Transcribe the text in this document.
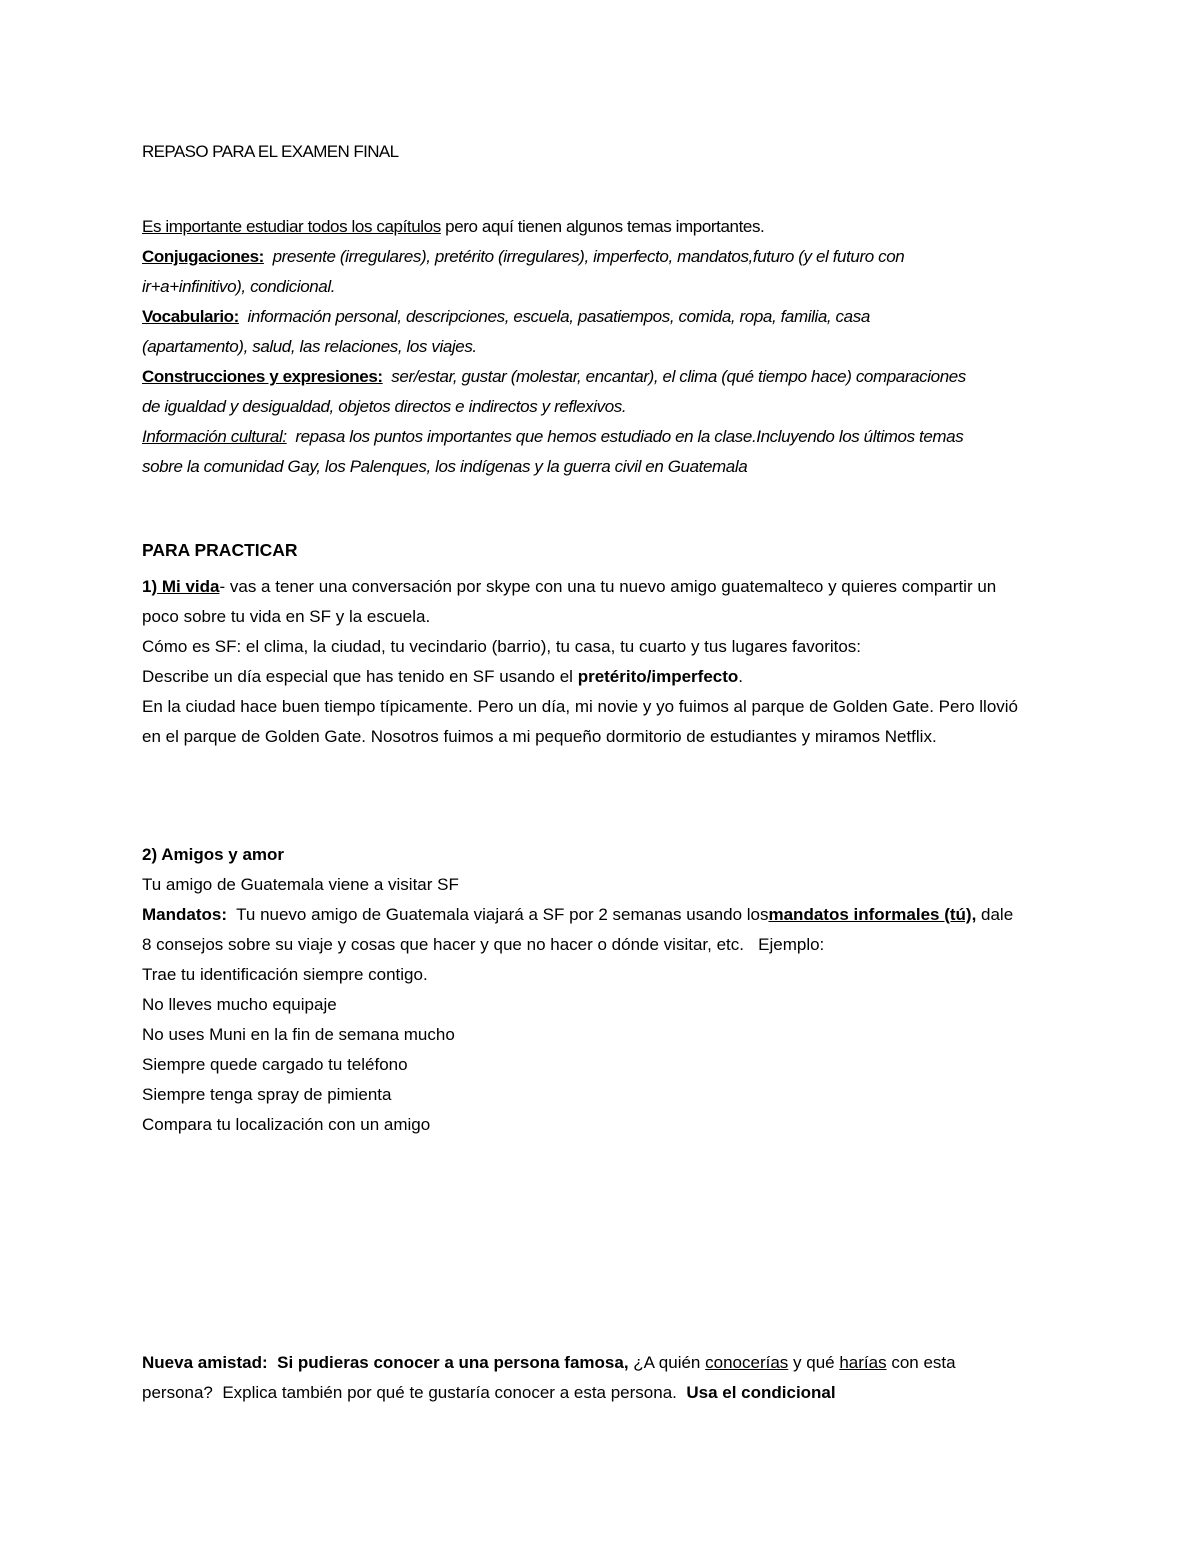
REPASO PARA EL EXAMEN FINAL
Es importante estudiar todos los capítulos pero aquí tienen algunos temas importantes.
Conjugaciones:  presente (irregulares), pretérito (irregulares), imperfecto, mandatos,futuro (y el futuro con
ir+a+infinitivo), condicional.
Vocabulario:  información personal, descripciones, escuela, pasatiempos, comida, ropa, familia, casa
(apartamento), salud, las relaciones, los viajes.
Construcciones y expresiones:  ser/estar, gustar (molestar, encantar), el clima (qué tiempo hace) comparaciones
de igualdad y desigualdad, objetos directos e indirectos y reflexivos.
Información cultural:  repasa los puntos importantes que hemos estudiado en la clase.Incluyendo los últimos temas
sobre la comunidad Gay, los Palenques, los indígenas y la guerra civil en Guatemala
PARA PRACTICAR
1) Mi vida- vas a tener una conversación por skype con una tu nuevo amigo guatemalteco y quieres compartir un
poco sobre tu vida en SF y la escuela.
Cómo es SF: el clima, la ciudad, tu vecindario (barrio), tu casa, tu cuarto y tus lugares favoritos:
Describe un día especial que has tenido en SF usando el pretérito/imperfecto.
En la ciudad hace buen tiempo típicamente. Pero un día, mi novie y yo fuimos al parque de Golden Gate. Pero llovió
en el parque de Golden Gate. Nosotros fuimos a mi pequeño dormitorio de estudiantes y miramos Netflix.
2) Amigos y amor
Tu amigo de Guatemala viene a visitar SF
Mandatos:  Tu nuevo amigo de Guatemala viajará a SF por 2 semanas usando losmandatos informales (tú), dale
8 consejos sobre su viaje y cosas que hacer y que no hacer o dónde visitar, etc.   Ejemplo:
Trae tu identificación siempre contigo.
No lleves mucho equipaje
No uses Muni en la fin de semana mucho
Siempre quede cargado tu teléfono
Siempre tenga spray de pimienta
Compara tu localización con un amigo
Nueva amistad:  Si pudieras conocer a una persona famosa, ¿A quién conocerías y qué harías con esta
persona?  Explica también por qué te gustaría conocer a esta persona.  Usa el condicional
